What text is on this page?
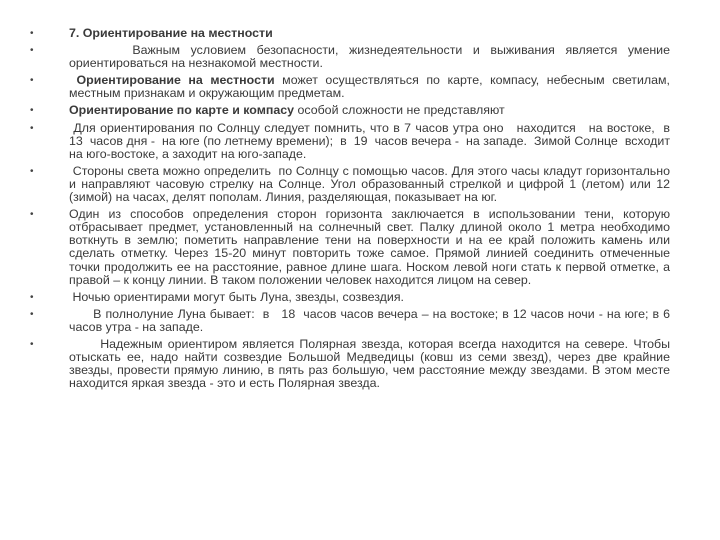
•	7. Ориентирование на местности
•	Важным условием безопасности, жизнедеятельности и выживания является умение ориентироваться на незнакомой местности.
•	Ориентирование на местности может осуществляться по карте, компасу, небесным светилам, местным признакам и окружающим предметам.
•	Ориентирование по карте и компасу особой сложности не представляют
•	Для ориентирования по Солнцу следует помнить, что в 7 часов утра оно   находится   на востоке,  в  13  часов дня -  на юге (по летнему времени);  в  19  часов вечера -  на западе.  Зимой Солнце  всходит на юго-востоке, а заходит на юго-западе.
•	Стороны света можно определить  по Солнцу с помощью часов. Для этого часы кладут горизонтально и направляют часовую стрелку на Солнце. Угол образованный стрелкой и цифрой 1 (летом) или 12 (зимой) на часах, делят пополам. Линия, разделяющая, показывает на юг.
•	Один из способов определения сторон горизонта заключается в использовании тени, которую отбрасывает предмет, установленный на солнечный свет. Палку длиной около 1 метра необходимо воткнуть в землю; пометить направление тени на поверхности и на ее край положить камень или сделать отметку. Через 15-20 минут повторить тоже самое. Прямой линией соединить отмеченные точки продолжить ее на расстояние, равное длине шага. Носком левой ноги стать к первой отметке, а правой – к концу линии. В таком положении человек находится лицом на север.
•	Ночью ориентирами могут быть Луна, звезды, созвездия.
•	В полнолуние Луна бывает:  в   18  часов часов вечера – на востоке; в 12 часов ночи - на юге; в 6 часов утра - на западе.
•	Надежным ориентиром является Полярная звезда, которая всегда находится на севере. Чтобы отыскать ее, надо найти созвездие Большой Медведицы (ковш из семи звезд), через две крайние звезды, провести прямую линию, в пять раз большую, чем расстояние между звездами. В этом месте находится яркая звезда - это и есть Полярная звезда.
